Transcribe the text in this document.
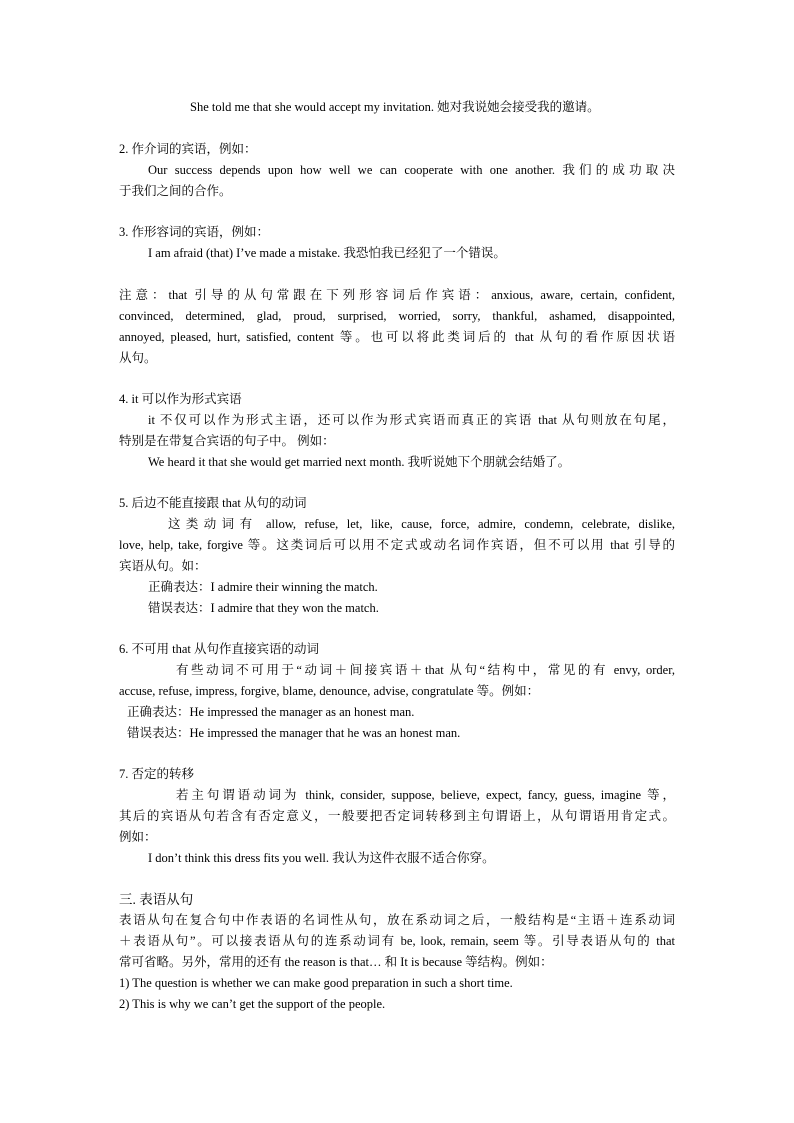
She told me that she would accept my invitation. 她对我说她会接受我的邀请。
2. 作介词的宾语，例如：
Our success depends upon how well we can cooperate with one another. 我们的成功取决
于我们之间的合作。
3. 作形容词的宾语，例如：
I am afraid (that) I’ve made a mistake. 我恐怕我已经犯了一个错误。
注意：that 引导的从句常跟在下列形容词后作宾语：anxious, aware, certain, confident,
convinced, determined, glad, proud, surprised, worried, sorry, thankful, ashamed, disappointed,
annoyed, pleased, hurt, satisfied, content 等。也可以将此类词后的 that 从句的看作原因状语
从句。
4. it 可以作为形式宾语
it 不仅可以作为形式主语，还可以作为形式宾语而真正的宾语 that 从句则放在句尾，
特别是在带复合宾语的句子中。 例如：
We heard it that she would get married next month. 我听说她下个朋就会结婚了。
5. 后边不能直接跟 that 从句的动词
这类动词有 allow, refuse, let, like, cause, force, admire, condemn, celebrate, dislike,
love, help, take, forgive 等。这类词后可以用不定式或动名词作宾语，但不可以用 that 引导的
宾语从句。如：
正确表达：I admire their winning the match.
错误表达：I admire that they won the match.
6. 不可用 that 从句作直接宾语的动词
有些动词不可用于“动词＋间接宾语＋that 从句“结构中，常见的有 envy, order,
accuse, refuse, impress, forgive, blame, denounce, advise, congratulate 等。例如：
正确表达：He impressed the manager as an honest man.
错误表达：He impressed the manager that he was an honest man.
7. 否定的转移
若主句谓语动词为 think, consider, suppose, believe, expect, fancy, guess, imagine 等，
其后的宾语从句若含有否定意义，一般要把否定词转移到主句谓语上，从句谓语用肯定式。
例如：
I don’t think this dress fits you well. 我认为这件衣服不适合你穿。
三. 表语从句
表语从句在复合句中作表语的名词性从句，放在系动词之后，一般结构是“主语＋连系动词
＋表语从句”。可以接表语从句的连系动词有 be, look, remain, seem 等。引导表语从句的 that
常可省略。另外，常用的还有 the reason is that… 和 It is because 等结构。例如：
1) The question is whether we can make good preparation in such a short time.
2) This is why we can’t get the support of the people.
